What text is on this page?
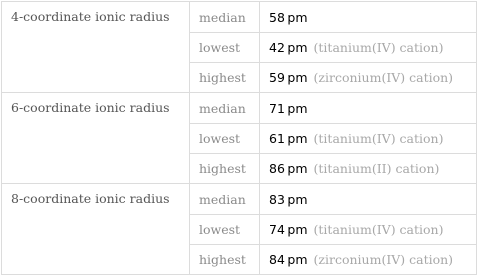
4-coordinate ionic radius	median	58  pm
	lowest	42  pm (titanium(IV) cation)
	highest	59  pm (zirconium(IV) cation)
6-coordinate ionic radius	median	71  pm
	lowest	61  pm (titanium(IV) cation)
	highest	86  pm (titanium(II) cation)
8-coordinate ionic radius	median	83  pm
	lowest	74  pm (titanium(IV) cation)
	highest	84  pm (zirconium(IV) cation)
